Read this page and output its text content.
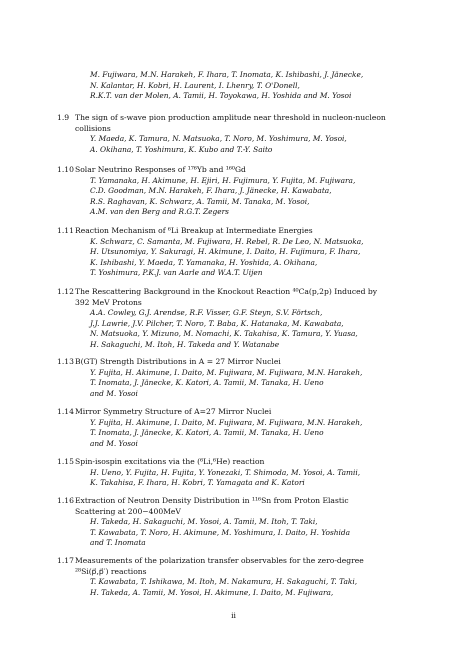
M. Fujiwara, M.N. Harakeh, F. Ihara, T. Inomata, K. Ishibashi, J. Jänecke,
N. Kalantar, H. Kobri, H. Laurent, I. Lhenry, T. O'Donell,
R.K.T. van der Molen, A. Tamii, H. Toyokawa, H. Yoshida and M. Yosoi
1.9 The sign of s-wave pion production amplitude near threshold in nucleon-nucleon
collisions
Y. Maeda, K. Tamura, N. Matsuoka, T. Noro, M. Yoshimura, M. Yosoi,
A. Okihana, T. Yoshimura, K. Kubo and T.-Y. Saito
1.10 Solar Neutrino Responses of ¹⁷⁶Yb and ¹⁶⁰Gd
T. Yamanaka, H. Akimune, H. Ejiri, H. Fujimura, Y. Fujita, M. Fujiwara,
C.D. Goodman, M.N. Harakeh, F. Ihara, J. Jänecke, H. Kawabata,
R.S. Raghavan, K. Schwarz, A. Tamii, M. Tanaka, M. Yosoi,
A.M. van den Berg and R.G.T. Zegers
1.11 Reaction Mechanism of ⁶Li Breakup at Intermediate Energies
K. Schwarz, C. Samanta, M. Fujiwara, H. Rebel, R. De Leo, N. Matsuoka,
H. Utsunomiya, Y. Sakuragi, H. Akimune, I. Daito, H. Fujimura, F. Ihara,
K. Ishibashi, Y. Maeda, T. Yamanaka, H. Yoshida, A. Okihana,
T. Yoshimura, P.K.J. van Aarle and W.A.T. Uijen
1.12 The Rescattering Background in the Knockout Reaction ⁴⁰Ca(p,2p) Induced by
392 MeV Protons
A.A. Cowley, G.J. Arendse, R.F. Visser, G.F. Steyn, S.V. Förtsch,
J.J. Lawrie, J.V. Pilcher, T. Noro, T. Baba, K. Hatanaka, M. Kawabata,
N. Matsuoka, Y. Mizuno, M. Nomachi, K. Takahisa, K. Tamura, Y. Yuasa,
H. Sakaguchi, M. Itoh, H. Takeda and Y. Watanabe
1.13 B(GT) Strength Distributions in A = 27 Mirror Nuclei
Y. Fujita, H. Akimune, I. Daito, M. Fujiwara, M. Fujiwara, M.N. Harakeh,
T. Inomata, J. Jänecke, K. Katori, A. Tamii, M. Tanaka, H. Ueno
and M. Yosoi
1.14 Mirror Symmetry Structure of A=27 Mirror Nuclei
Y. Fujita, H. Akimune, I. Daito, M. Fujiwara, M. Fujiwara, M.N. Harakeh,
T. Inomata, J. Jänecke, K. Katori, A. Tamii, M. Tanaka, H. Ueno
and M. Yosoi
1.15 Spin-isospin excitations via the (⁶Li,⁶He) reaction
H. Ueno, Y. Fujita, H. Fujita, Y. Yonezaki, T. Shimoda, M. Yosoi, A. Tamii,
K. Takahisa, F. Ihara, H. Kobri, T. Yamagata and K. Katori
1.16 Extraction of Neutron Density Distribution in ¹¹⁶Sn from Proton Elastic
Scattering at 200−400MeV
H. Takeda, H. Sakaguchi, M. Yosoi, A. Tamii, M. Itoh, T. Taki,
T. Kawabata, T. Noro, H. Akimune, M. Yoshimura, I. Daito, H. Yoshida
and T. Inomata
1.17 Measurements of the polarization transfer observables for the zero-degree
²⁸Si(p⃗,p⃗′) reactions
T. Kawabata, T. Ishikawa, M. Itoh, M. Nakamura, H. Sakaguchi, T. Taki,
H. Takeda, A. Tamii, M. Yosoi, H. Akimune, I. Daito, M. Fujiwara,
ii
